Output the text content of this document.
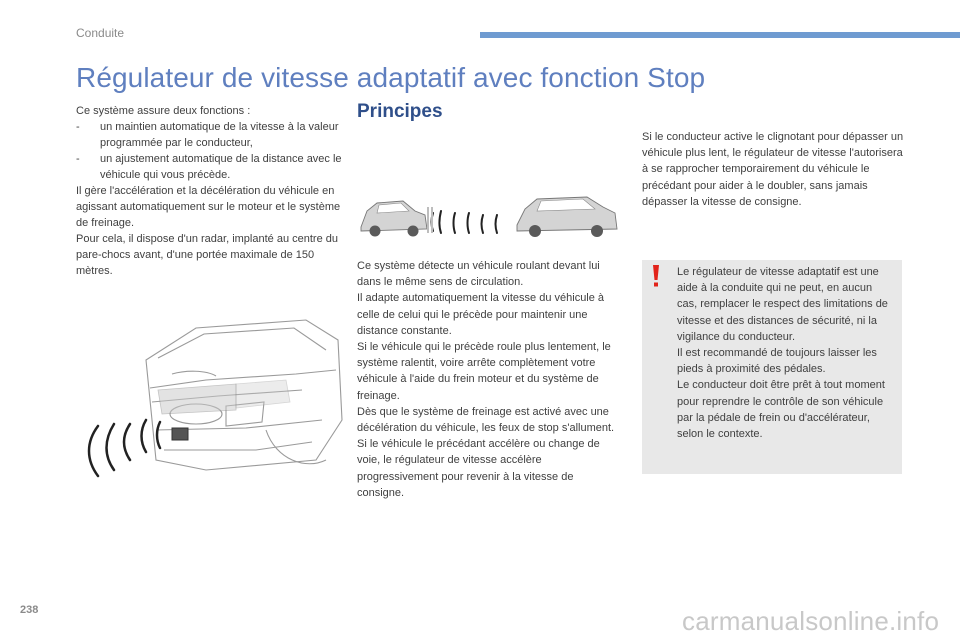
Conduite
Régulateur de vitesse adaptatif avec fonction Stop

Ce système assure deux fonctions :

- un maintien automatique de la vitesse à la valeur programmée par le conducteur,

- un ajustement automatique de la distance avec le véhicule qui vous précède.

Il gère l'accélération et la décélération du véhicule en agissant automatiquement sur le moteur et le système de freinage.

Pour cela, il dispose d'un radar, implanté au centre du pare-chocs avant, d'une portée maximale de 150 mètres.

Principes

Ce système détecte un véhicule roulant devant lui dans le même sens de circulation.

Il adapte automatiquement la vitesse du véhicule à celle de celui qui le précède pour maintenir une distance constante.

Si le véhicule qui le précède roule plus lentement, le système ralentit, voire arrête complètement votre véhicule à l'aide du frein moteur et du système de freinage.

Dès que le système de freinage est activé avec une décélération du véhicule, les feux de stop s'allument.

Si le véhicule le précédant accélère ou change de voie, le régulateur de vitesse accélère progressivement pour revenir à la vitesse de consigne.

Si le conducteur active le clignotant pour dépasser un véhicule plus lent, le régulateur de vitesse l'autorisera à se rapprocher temporairement du véhicule le précédant pour aider à le doubler, sans jamais dépasser la vitesse de consigne.

Le régulateur de vitesse adaptatif est une aide à la conduite qui ne peut, en aucun cas, remplacer le respect des limitations de vitesse et des distances de sécurité, ni la vigilance du conducteur.

Il est recommandé de toujours laisser les pieds à proximité des pédales.

Le conducteur doit être prêt à tout moment pour reprendre le contrôle de son véhicule par la pédale de frein ou d'accélérateur, selon le contexte.

238	carmanualsonline.info
